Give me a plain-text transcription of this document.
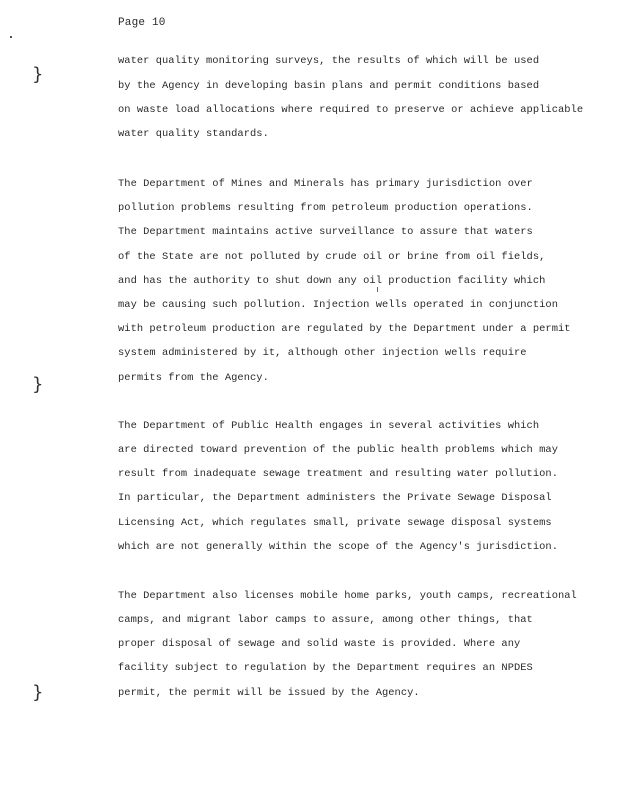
Page 10
}
}
}
water quality monitoring surveys, the results of which will be used
by the Agency in developing basin plans and permit conditions based
on waste load allocations where required to preserve or achieve applicable
water quality standards.
The Department of Mines and Minerals has primary jurisdiction over
pollution problems resulting from petroleum production operations.
The Department maintains active surveillance to assure that waters
of the State are not polluted by crude oil or brine from oil fields,
and has the authority to shut down any oil production facility which
may be causing such pollution. Injection wells operated in conjunction
with petroleum production are regulated by the Department under a permit
system administered by it, although other injection wells require
permits from the Agency.
The Department of Public Health engages in several activities which
are directed toward prevention of the public health problems which may
result from inadequate sewage treatment and resulting water pollution.
In particular, the Department administers the Private Sewage Disposal
Licensing Act, which regulates small, private sewage disposal systems
which are not generally within the scope of the Agency's jurisdiction.
The Department also licenses mobile home parks, youth camps, recreational
camps, and migrant labor camps to assure, among other things, that
proper disposal of sewage and solid waste is provided. Where any
facility subject to regulation by the Department requires an NPDES
permit, the permit will be issued by the Agency.
